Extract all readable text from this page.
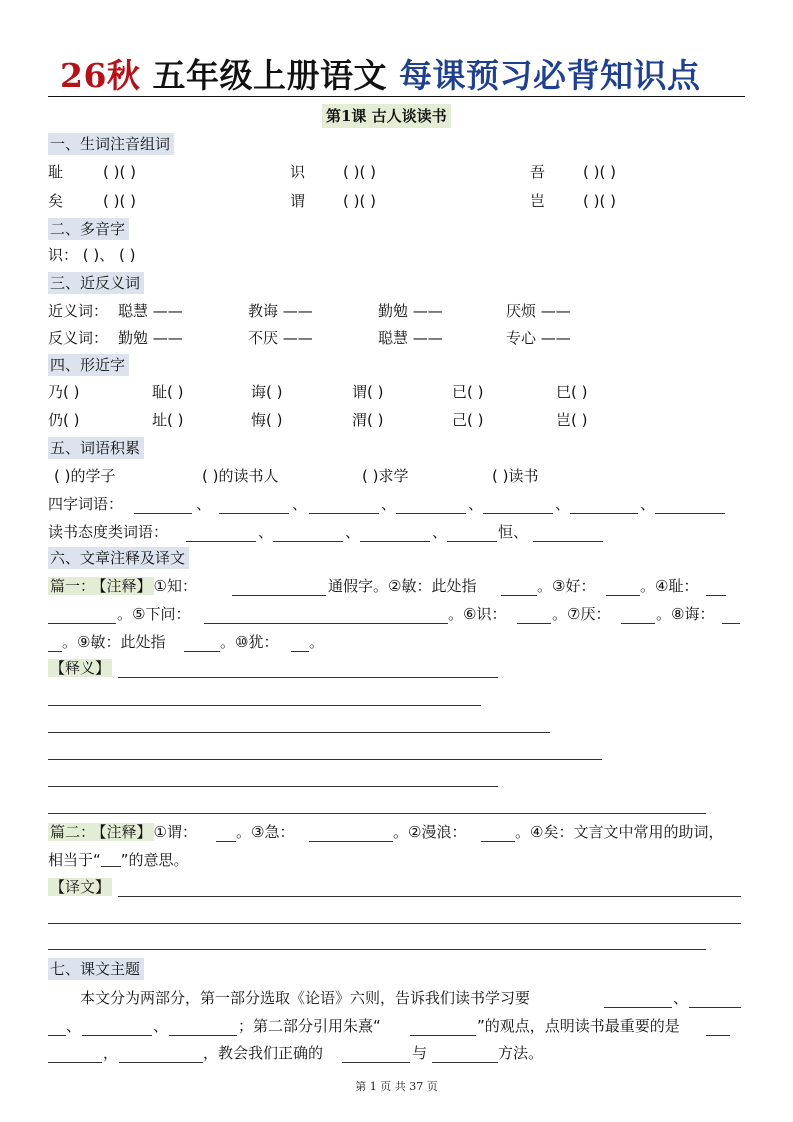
26秋 五年级上册语文 每课预习必背知识点
第1课 古人谈读书
一、生词注音组词
耻	( )( )	识	( )( )	吾	( )( )
矣	( )( )	谓	( )( )	岂	( )( )
二、多音字
识： ( )、 ( )
三、近反义词
近义词： 聪慧 ——	教诲 ——	勤勉 ——	厌烦 ——
反义词： 勤勉 ——	不厌 ——	聪慧 ——	专心 ——
四、形近字
乃( )	耻( )	诲( )	谓( )	已( )	巳( )
仍( )	址( )	悔( )	渭( )	己( )	岂( )
五、词语积累
( )的学子	( )的读书人	( )求学	( )读书
四字词语：	、	、	、	、	、	、
读书态度类词语：	、	、	、	恒、
六、文章注释及译文
篇一： 【注释】 ①知：	通假字。②敏：此处指	。③好：	。④耻：
。⑤下问：	。⑥识：	。⑦厌：	。⑧诲：
。⑨敏：此处指	。⑩犹： 。
【释义】
篇二： 【注释】 ①谓：	。③急：	。②漫浪：	。④矣：文言文中常用的助词，
相当于“ ”的意思。
【译文】
七、课文主题
本文分为两部分，第一部分选取《论语》六则，告诉我们读书学习要	、
、	、	；第二部分引用朱熹“	”的观点，点明读书最重要的是
，	，教会我们正确的	与	方法。
第 1 页 共 37 页
